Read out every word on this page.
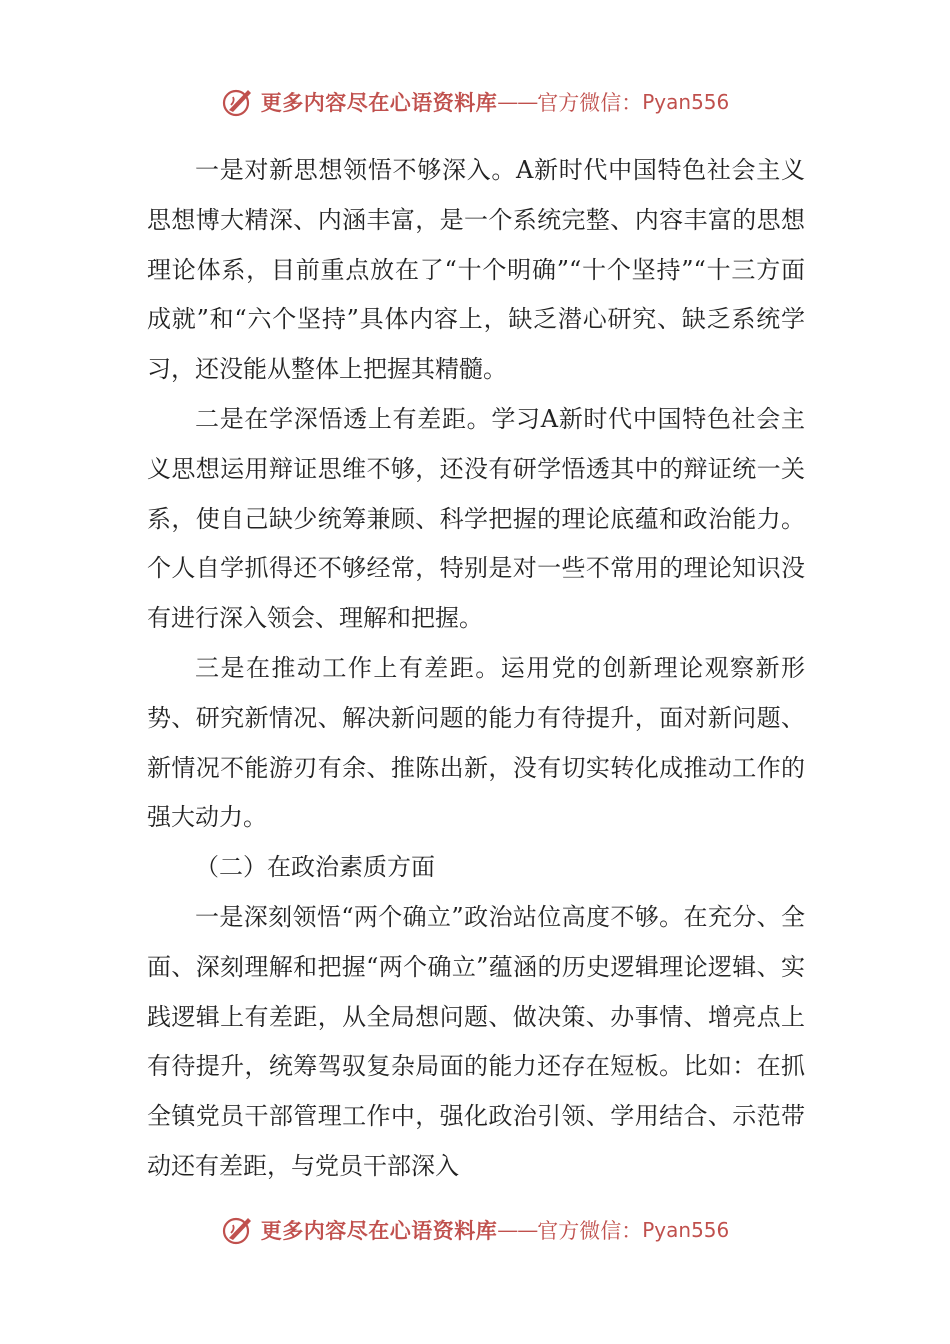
更多内容尽在心语资料库 —— 官方微信： Pyan556

一是对新思想领悟不够深入。A新时代中国特色社会主义思想博大精深、内涵丰富，是一个系统完整、内容丰富的思想理论体系，目前重点放在了“十个明确”“十个坚持”“十三方面成就”和“六个坚持”具体内容上，缺乏潜心研究、缺乏系统学习，还没能从整体上把握其精髓。

二是在学深悟透上有差距。学习A新时代中国特色社会主义思想运用辩证思维不够，还没有研学悟透其中的辩证统一关系，使自己缺少统筹兼顾、科学把握的理论底蕴和政治能力。个人自学抓得还不够经常，特别是对一些不常用的理论知识没有进行深入领会、理解和把握。

三是在推动工作上有差距。运用党的创新理论观察新形势、研究新情况、解决新问题的能力有待提升，面对新问题、新情况不能游刃有余、推陈出新，没有切实转化成推动工作的强大动力。

（二）在政治素质方面

一是深刻领悟“两个确立”政治站位高度不够。在充分、全面、深刻理解和把握“两个确立”蕴涵的历史逻辑理论逻辑、实践逻辑上有差距，从全局想问题、做决策、办事情、增亮点上有待提升，统筹驾驭复杂局面的能力还存在短板。比如：在抓全镇党员干部管理工作中，强化政治引领、学用结合、示范带动还有差距，与党员干部深入

更多内容尽在心语资料库 —— 官方微信： Pyan556
